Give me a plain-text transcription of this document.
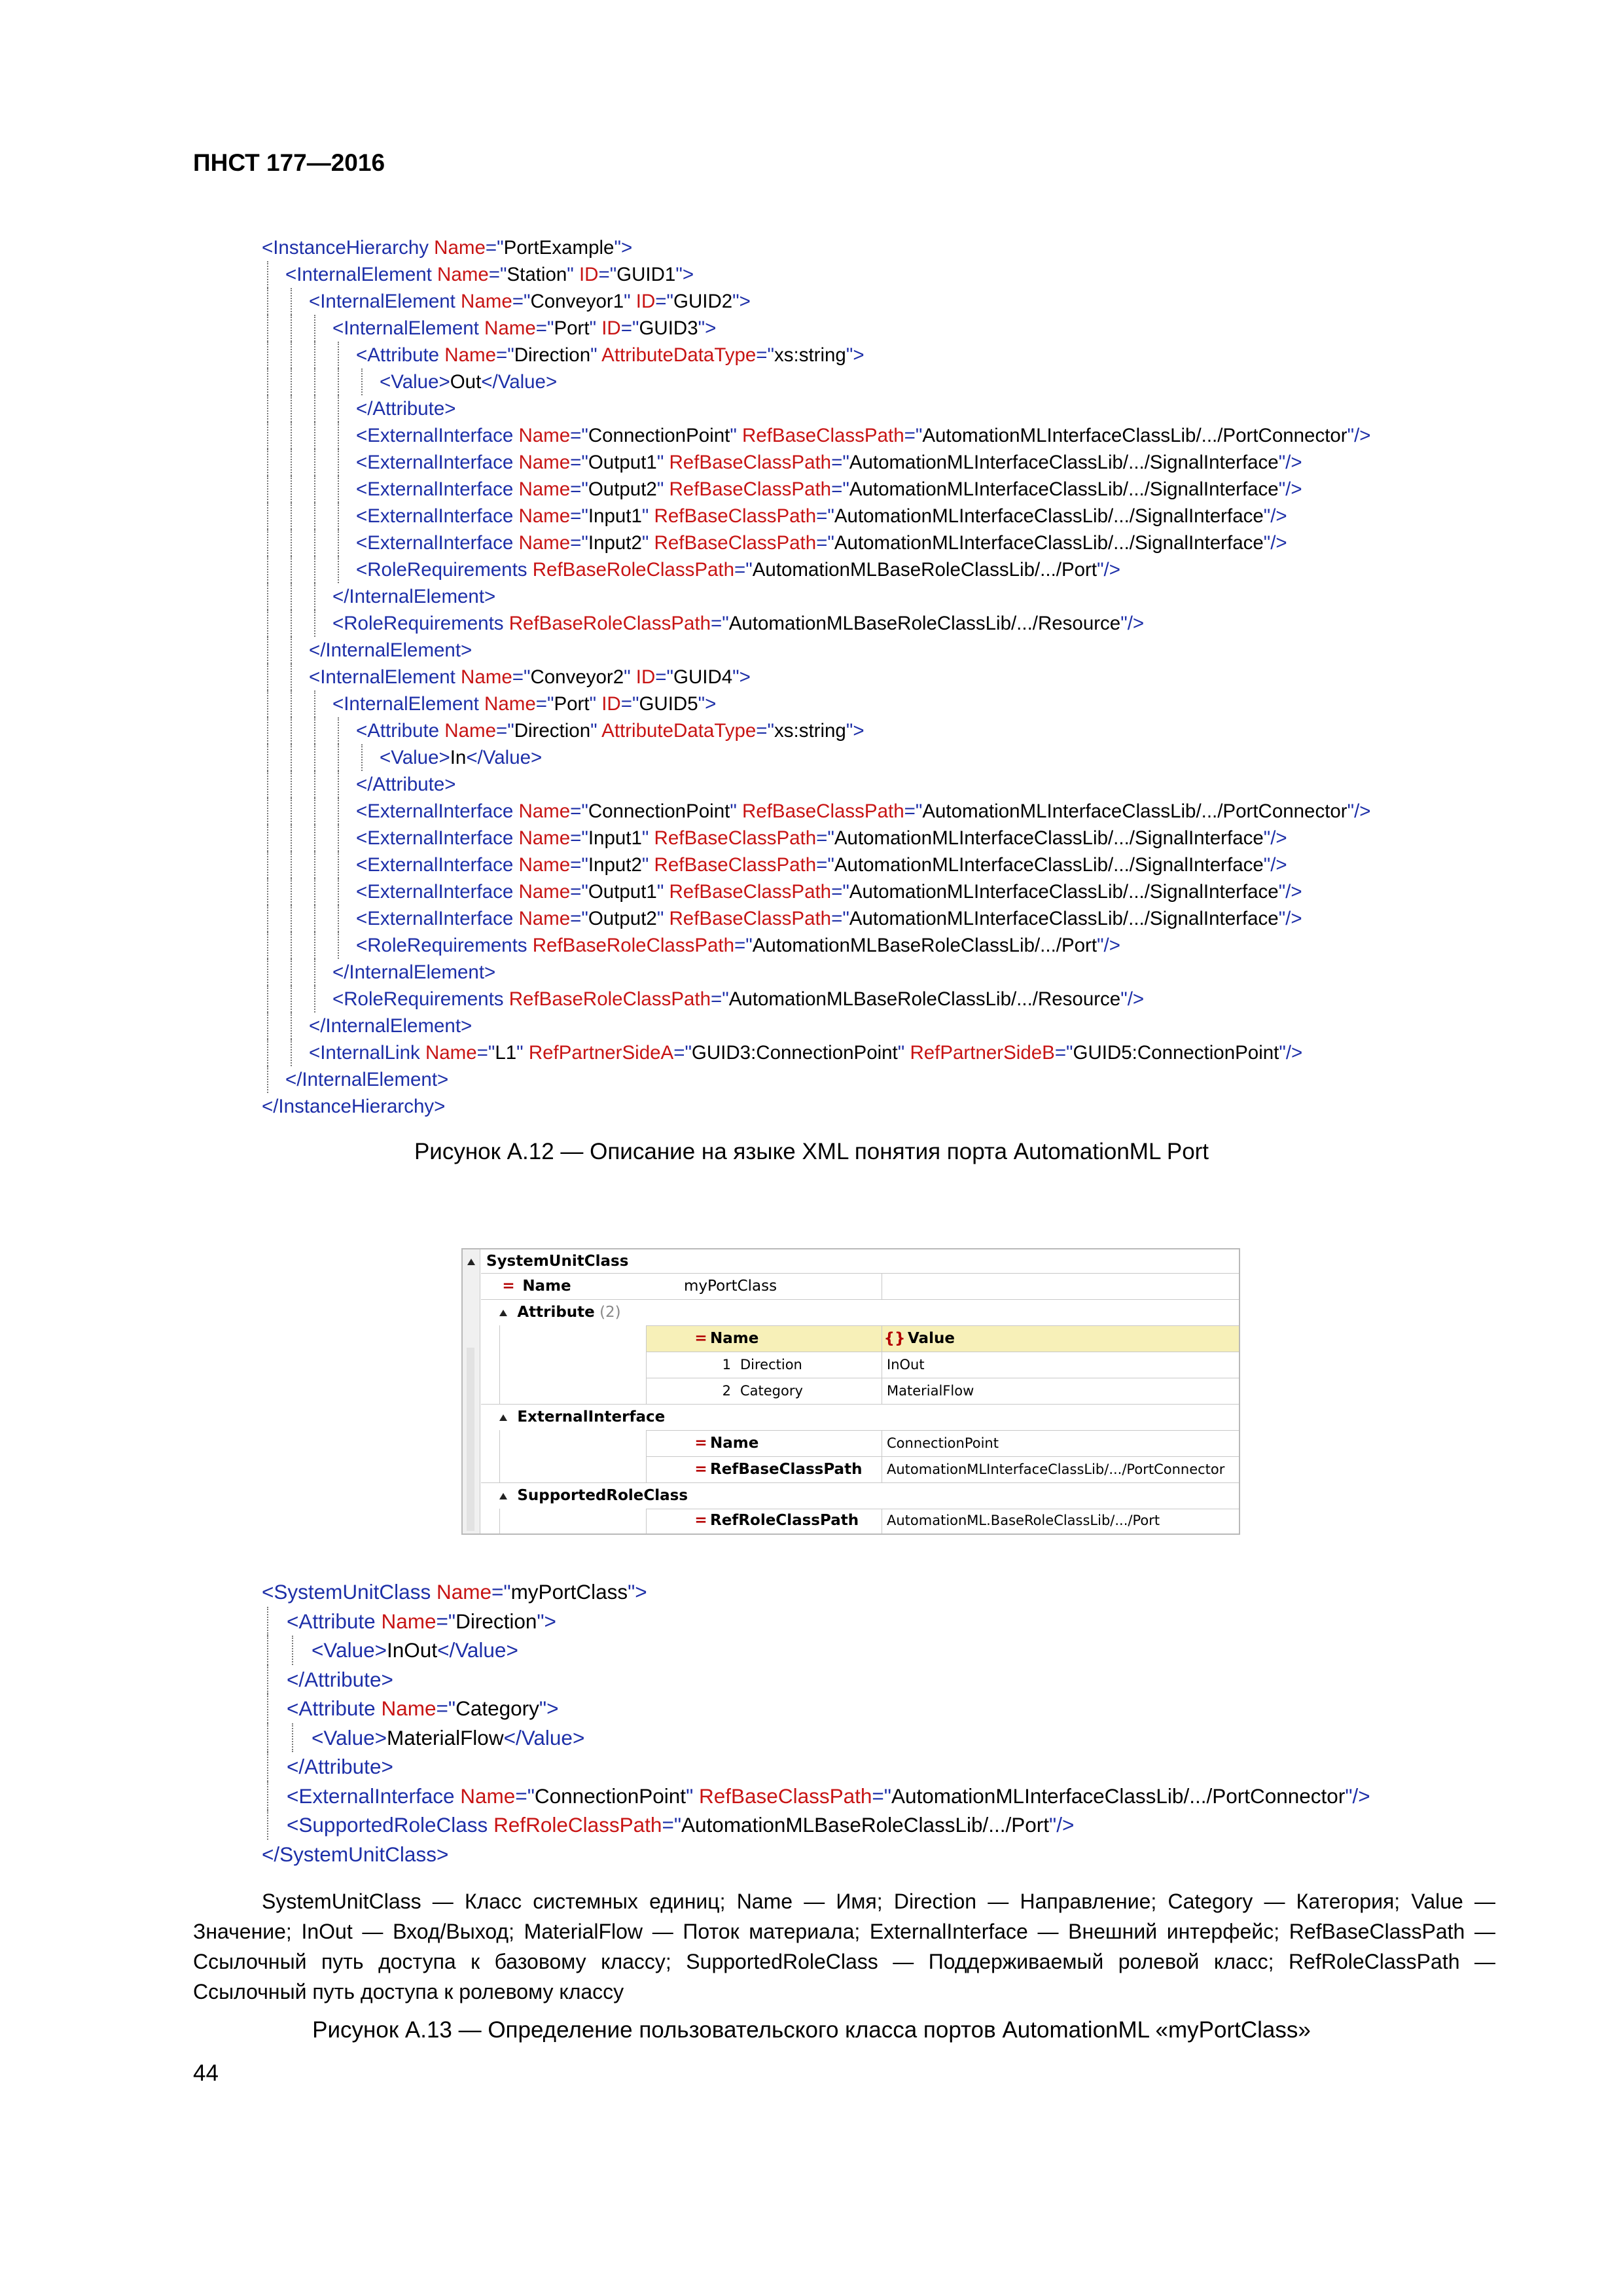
ПНСТ 177—2016
<InstanceHierarchy Name="PortExample">
<InternalElement Name="Station" ID="GUID1">
<InternalElement Name="Conveyor1" ID="GUID2">
<InternalElement Name="Port" ID="GUID3">
<Attribute Name="Direction" AttributeDataType="xs:string">
<Value>Out</Value>
</Attribute>
<ExternalInterface Name="ConnectionPoint" RefBaseClassPath="AutomationMLInterfaceClassLib/.../PortConnector"/>
<ExternalInterface Name="Output1" RefBaseClassPath="AutomationMLInterfaceClassLib/.../SignalInterface"/>
<ExternalInterface Name="Output2" RefBaseClassPath="AutomationMLInterfaceClassLib/.../SignalInterface"/>
<ExternalInterface Name="Input1" RefBaseClassPath="AutomationMLInterfaceClassLib/.../SignalInterface"/>
<ExternalInterface Name="Input2" RefBaseClassPath="AutomationMLInterfaceClassLib/.../SignalInterface"/>
<RoleRequirements RefBaseRoleClassPath="AutomationMLBaseRoleClassLib/.../Port"/>
</InternalElement>
<RoleRequirements RefBaseRoleClassPath="AutomationMLBaseRoleClassLib/.../Resource"/>
</InternalElement>
<InternalElement Name="Conveyor2" ID="GUID4">
<InternalElement Name="Port" ID="GUID5">
<Attribute Name="Direction" AttributeDataType="xs:string">
<Value>In</Value>
</Attribute>
<ExternalInterface Name="ConnectionPoint" RefBaseClassPath="AutomationMLInterfaceClassLib/.../PortConnector"/>
<ExternalInterface Name="Input1" RefBaseClassPath="AutomationMLInterfaceClassLib/.../SignalInterface"/>
<ExternalInterface Name="Input2" RefBaseClassPath="AutomationMLInterfaceClassLib/.../SignalInterface"/>
<ExternalInterface Name="Output1" RefBaseClassPath="AutomationMLInterfaceClassLib/.../SignalInterface"/>
<ExternalInterface Name="Output2" RefBaseClassPath="AutomationMLInterfaceClassLib/.../SignalInterface"/>
<RoleRequirements RefBaseRoleClassPath="AutomationMLBaseRoleClassLib/.../Port"/>
</InternalElement>
<RoleRequirements RefBaseRoleClassPath="AutomationMLBaseRoleClassLib/.../Resource"/>
</InternalElement>
<InternalLink Name="L1" RefPartnerSideA="GUID3:ConnectionPoint" RefPartnerSideB="GUID5:ConnectionPoint"/>
</InternalElement>
</InstanceHierarchy>
Рисунок А.12 — Описание на языке XML понятия порта AutomationML Port
SystemUnitClass
= Name	myPortClass
Attribute (2)
= Name	{} Value
1 Direction	InOut
2 Category	MaterialFlow
ExternalInterface
= Name	ConnectionPoint
= RefBaseClassPath AutomationMLInterfaceClassLib/.../PortConnector
SupportedRoleClass
= RefRoleClassPath AutomationML.BaseRoleClassLib/.../Port
<SystemUnitClass Name="myPortClass">
<Attribute Name="Direction">
<Value>InOut</Value>
</Attribute>
<Attribute Name="Category">
<Value>MaterialFlow</Value>
</Attribute>
<ExternalInterface Name="ConnectionPoint" RefBaseClassPath="AutomationMLInterfaceClassLib/.../PortConnector"/>
<SupportedRoleClass RefRoleClassPath="AutomationMLBaseRoleClassLib/.../Port"/>
</SystemUnitClass>
SystemUnitClass — Класс системных единиц; Name — Имя; Direction — Направление; Category — Категория; Value — Значение; InOut — Вход/Выход; MaterialFlow — Поток материала; ExternalInterface — Внешний интерфейс; RefBaseClassPath — Ссылочный путь доступа к базовому классу; SupportedRoleClass — Поддерживаемый ролевой класс; RefRoleClassPath — Ссылочный путь доступа к ролевому классу
Рисунок А.13 — Определение пользовательского класса портов AutomationML «myPortClass»
44
